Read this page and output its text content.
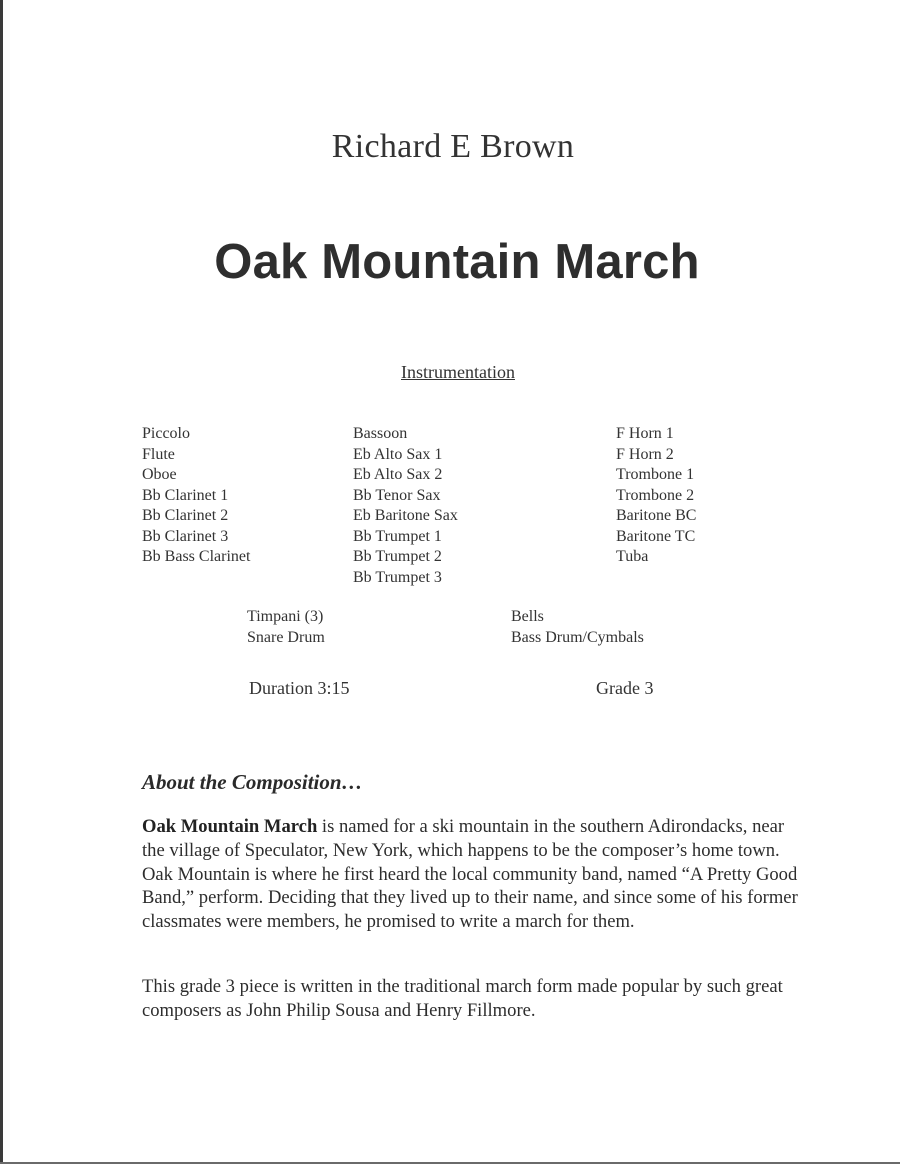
Richard E Brown
Oak Mountain March
Instrumentation
Piccolo
Flute
Oboe
Bb Clarinet 1
Bb Clarinet 2
Bb Clarinet 3
Bb Bass Clarinet
Bassoon
Eb Alto Sax 1
Eb Alto Sax 2
Bb Tenor Sax
Eb Baritone Sax
Bb Trumpet 1
Bb Trumpet 2
Bb Trumpet 3
F Horn 1
F Horn 2
Trombone 1
Trombone 2
Baritone BC
Baritone TC
Tuba
Timpani (3)
Snare Drum
Bells
Bass Drum/Cymbals
Duration 3:15	Grade 3
About the Composition…

Oak Mountain March is named for a ski mountain in the southern Adirondacks, near the village of Speculator, New York, which happens to be the composer’s home town. Oak Mountain is where he first heard the local community band, named “A Pretty Good Band,” perform. Deciding that they lived up to their name, and since some of his former classmates were members, he promised to write a march for them.

This grade 3 piece is written in the traditional march form made popular by such great composers as John Philip Sousa and Henry Fillmore.
